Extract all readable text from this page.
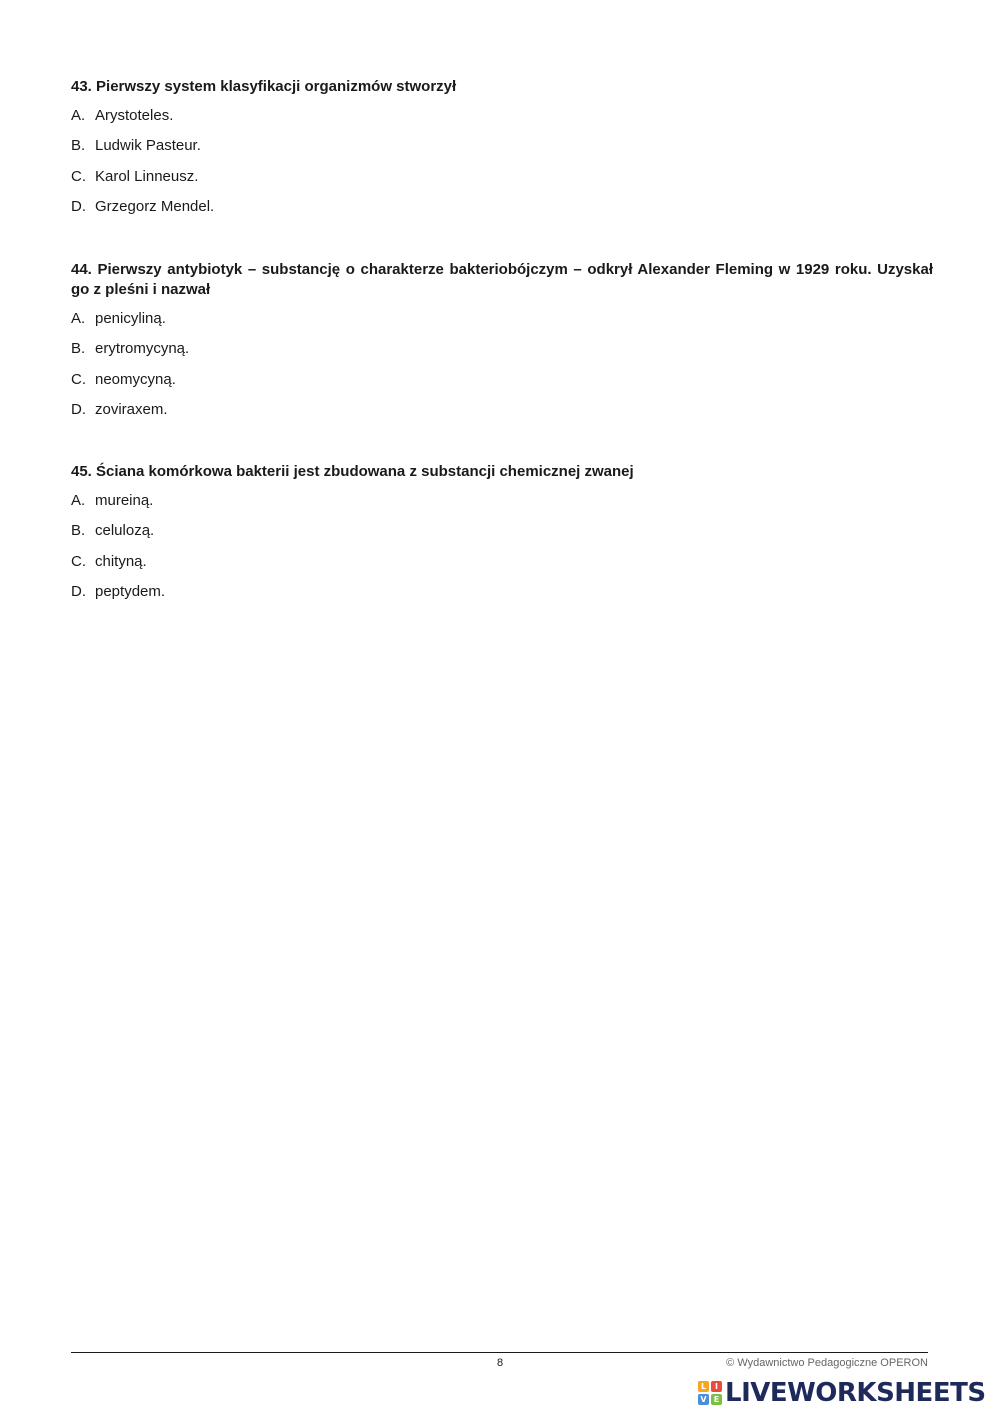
43. Pierwszy system klasyfikacji organizmów stworzył

A. Arystoteles.
B. Ludwik Pasteur.
C. Karol Linneusz.
D. Grzegorz Mendel.

44. Pierwszy antybiotyk – substancję o charakterze bakteriobójczym – odkrył Alexander Fleming w 1929 roku. Uzyskał go z pleśni i nazwał

A. penicyliną.
B. erytromycyną.
C. neomycyną.
D. zoviraxem.

45. Ściana komórkowa bakterii jest zbudowana z substancji chemicznej zwanej

A. mureiną.
B. celulozą.
C. chityną.
D. peptydem.
8	© Wydawnictwo Pedagogiczne OPERON
L	I
V E LIVEWORKSHEETS
